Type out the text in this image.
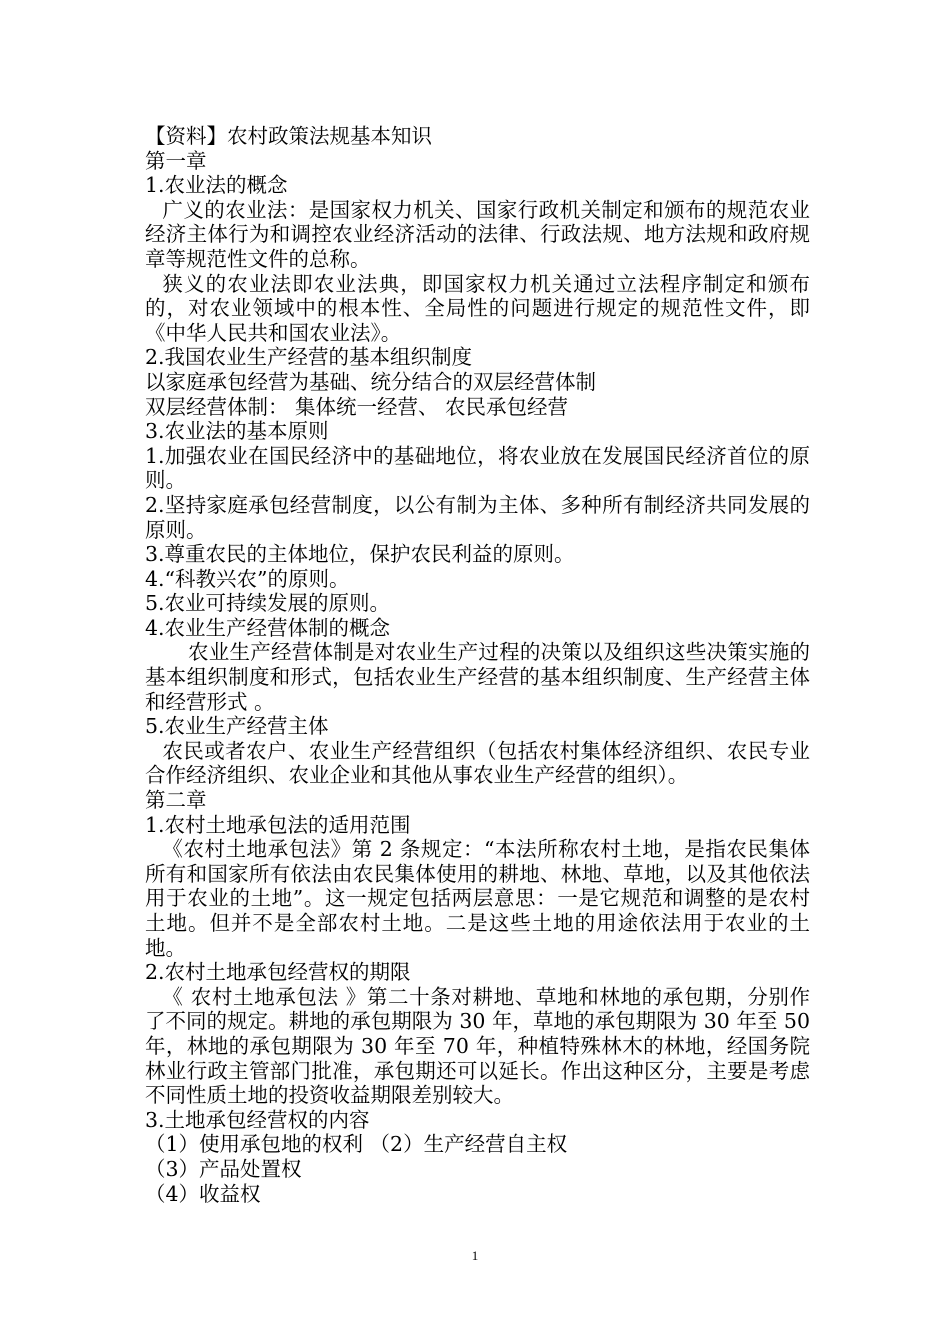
【资料】农村政策法规基本知识

第一章

1.农业法的概念

广义的农业法：是国家权力机关、国家行政机关制定和颁布的规范农业经济主体行为和调控农业经济活动的法律、行政法规、地方法规和政府规章等规范性文件的总称。

狭义的农业法即农业法典，即国家权力机关通过立法程序制定和颁布的，对农业领域中的根本性、全局性的问题进行规定的规范性文件，即《中华人民共和国农业法》。

2.我国农业生产经营的基本组织制度

以家庭承包经营为基础、统分结合的双层经营体制

双层经营体制： 集体统一经营、 农民承包经营

3.农业法的基本原则

1.加强农业在国民经济中的基础地位，将农业放在发展国民经济首位的原则。

2.坚持家庭承包经营制度，以公有制为主体、多种所有制经济共同发展的原则。

3.尊重农民的主体地位，保护农民利益的原则。

4.“科教兴农”的原则。

5.农业可持续发展的原则。

4.农业生产经营体制的概念

农业生产经营体制是对农业生产过程的决策以及组织这些决策实施的基本组织制度和形式，包括农业生产经营的基本组织制度、生产经营主体和经营形式 。

5.农业生产经营主体

农民或者农户、农业生产经营组织（包括农村集体经济组织、农民专业合作经济组织、农业企业和其他从事农业生产经营的组织）。

第二章

1.农村土地承包法的适用范围

《农村土地承包法》第 2 条规定：“本法所称农村土地，是指农民集体所有和国家所有依法由农民集体使用的耕地、林地、草地，以及其他依法用于农业的土地”。这一规定包括两层意思：一是它规范和调整的是农村土地。但并不是全部农村土地。二是这些土地的用途依法用于农业的土地。

2.农村土地承包经营权的期限

《 农村土地承包法 》第二十条对耕地、草地和林地的承包期，分别作了不同的规定。耕地的承包期限为 30 年，草地的承包期限为 30 年至 50 年，林地的承包期限为 30 年至 70 年，种植特殊林木的林地，经国务院林业行政主管部门批准，承包期还可以延长。作出这种区分，主要是考虑不同性质土地的投资收益期限差别较大。

3.土地承包经营权的内容

（1）使用承包地的权利 （2）生产经营自主权

（3）产品处置权

（4）收益权

1
